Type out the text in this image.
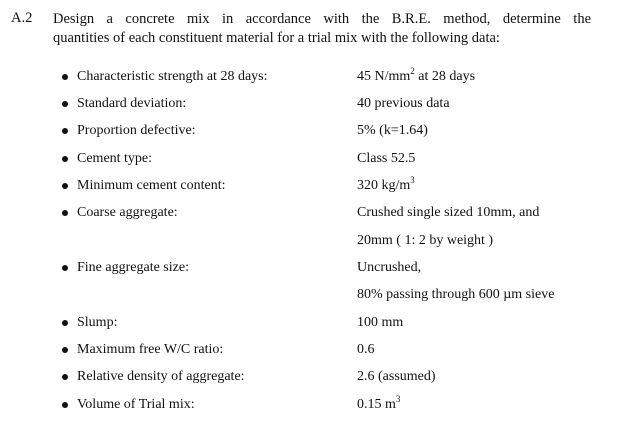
A.2 Design a concrete mix in accordance with the B.R.E. method, determine the
quantities of each constituent material for a trial mix with the following data:
Characteristic strength at 28 days:	45 $N/mm^2$ at 28 days
Standard deviation:	40 previous data
Proportion defective:	5% (k=1.64)
Cement type:	Class 52.5
Minimum cement content:	320 $kg/m^3$
Coarse aggregate:	Crushed single sized 10mm, and
20mm ( 1: 2 by weight )
Fine aggregate size:	Uncrushed,
80% passing through 600 µm sieve
Slump:	100 mm
Maximum free W/C ratio:	0.6
Relative density of aggregate:	2.6 (assumed)
Volume of Trial mix:	0.15 $m^3$
